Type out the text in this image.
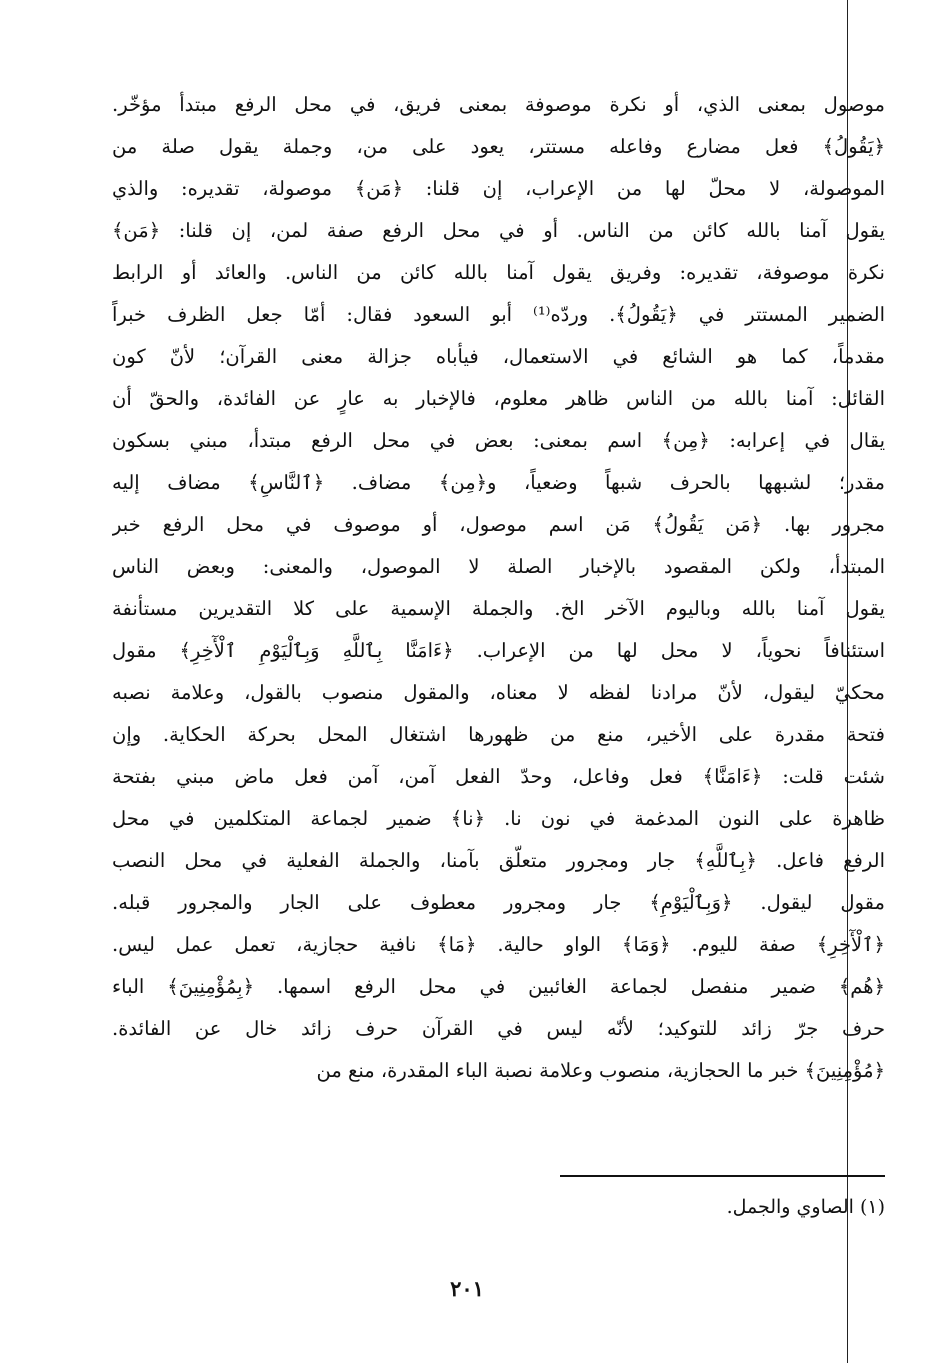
موصول بمعنى الذي، أو نكرة موصوفة بمعنى فريق، في محل الرفع مبتدأ مؤخّر.
﴿يَقُولُ﴾ فعل مضارع وفاعله مستتر، يعود على من، وجملة يقول صلة من
الموصولة، لا محلّ لها من الإعراب، إن قلنا: ﴿مَن﴾ موصولة، تقديره: والذي
يقول آمنا بالله كائن من الناس. أو في محل الرفع صفة لمن، إن قلنا: ﴿مَن﴾
نكرة موصوفة، تقديره: وفريق يقول آمنا بالله كائن من الناس. والعائد أو الرابط
الضمير المستتر في ﴿يَقُولُ﴾. وردّه⁽¹⁾ أبو السعود فقال: أمّا جعل الظرف خبراً
مقدماً، كما هو الشائع في الاستعمال، فيأباه جزالة معنى القرآن؛ لأنّ كون
القائل: آمنا بالله من الناس ظاهر معلوم، فالإخبار به عارٍ عن الفائدة، والحقّ أن
يقال في إعرابه: ﴿مِن﴾ اسم بمعنى: بعض في محل الرفع مبتدأ، مبني بسكون
مقدر؛ لشبهها بالحرف شبهاً وضعياً، و﴿مِن﴾ مضاف. ﴿ٱلنَّاسِ﴾ مضاف إليه
مجرور بها. ﴿مَن يَقُولُ﴾ مَن اسم موصول، أو موصوف في محل الرفع خبر
المبتدأ، ولكن المقصود بالإخبار الصلة لا الموصول، والمعنى: وبعض الناس
يقول آمنا بالله وباليوم الآخر الخ. والجملة الإسمية على كلا التقديرين مستأنفة
استئنافاً نحوياً، لا محل لها من الإعراب. ﴿ءَامَنَّا بِٱللَّهِ وَبِٱلْيَوْمِ ٱلْأٓخِرِ﴾ مقول
محكيّ ليقول، لأنّ مرادنا لفظه لا معناه، والمقول منصوب بالقول، وعلامة نصبه
فتحة مقدرة على الأخير، منع من ظهورها اشتغال المحل بحركة الحكاية. وإن
شئت قلت: ﴿ءَامَنَّا﴾ فعل وفاعل، وحدّ الفعل آمن، آمن فعل ماض مبني بفتحة
ظاهرة على النون المدغمة في نون نا. ﴿نا﴾ ضمير لجماعة المتكلمين في محل
الرفع فاعل. ﴿بِٱللَّهِ﴾ جار ومجرور متعلّق بآمنا، والجملة الفعلية في محل النصب
مقول ليقول. ﴿وَبِٱلْيَوْمِ﴾ جار ومجرور معطوف على الجار والمجرور قبله.
﴿ٱلْأٓخِرِ﴾ صفة لليوم. ﴿وَمَا﴾ الواو حالية. ﴿مَا﴾ نافية حجازية، تعمل عمل ليس.
﴿هُم﴾ ضمير منفصل لجماعة الغائبين في محل الرفع اسمها. ﴿بِمُؤْمِنِينَ﴾ الباء
حرف جرّ زائد للتوكيد؛ لأنّه ليس في القرآن حرف زائد خال عن الفائدة.
﴿مُؤْمِنِينَ﴾ خبر ما الحجازية، منصوب وعلامة نصبة الباء المقدرة، منع من
(١) الصاوي والجمل.
٢٠١
